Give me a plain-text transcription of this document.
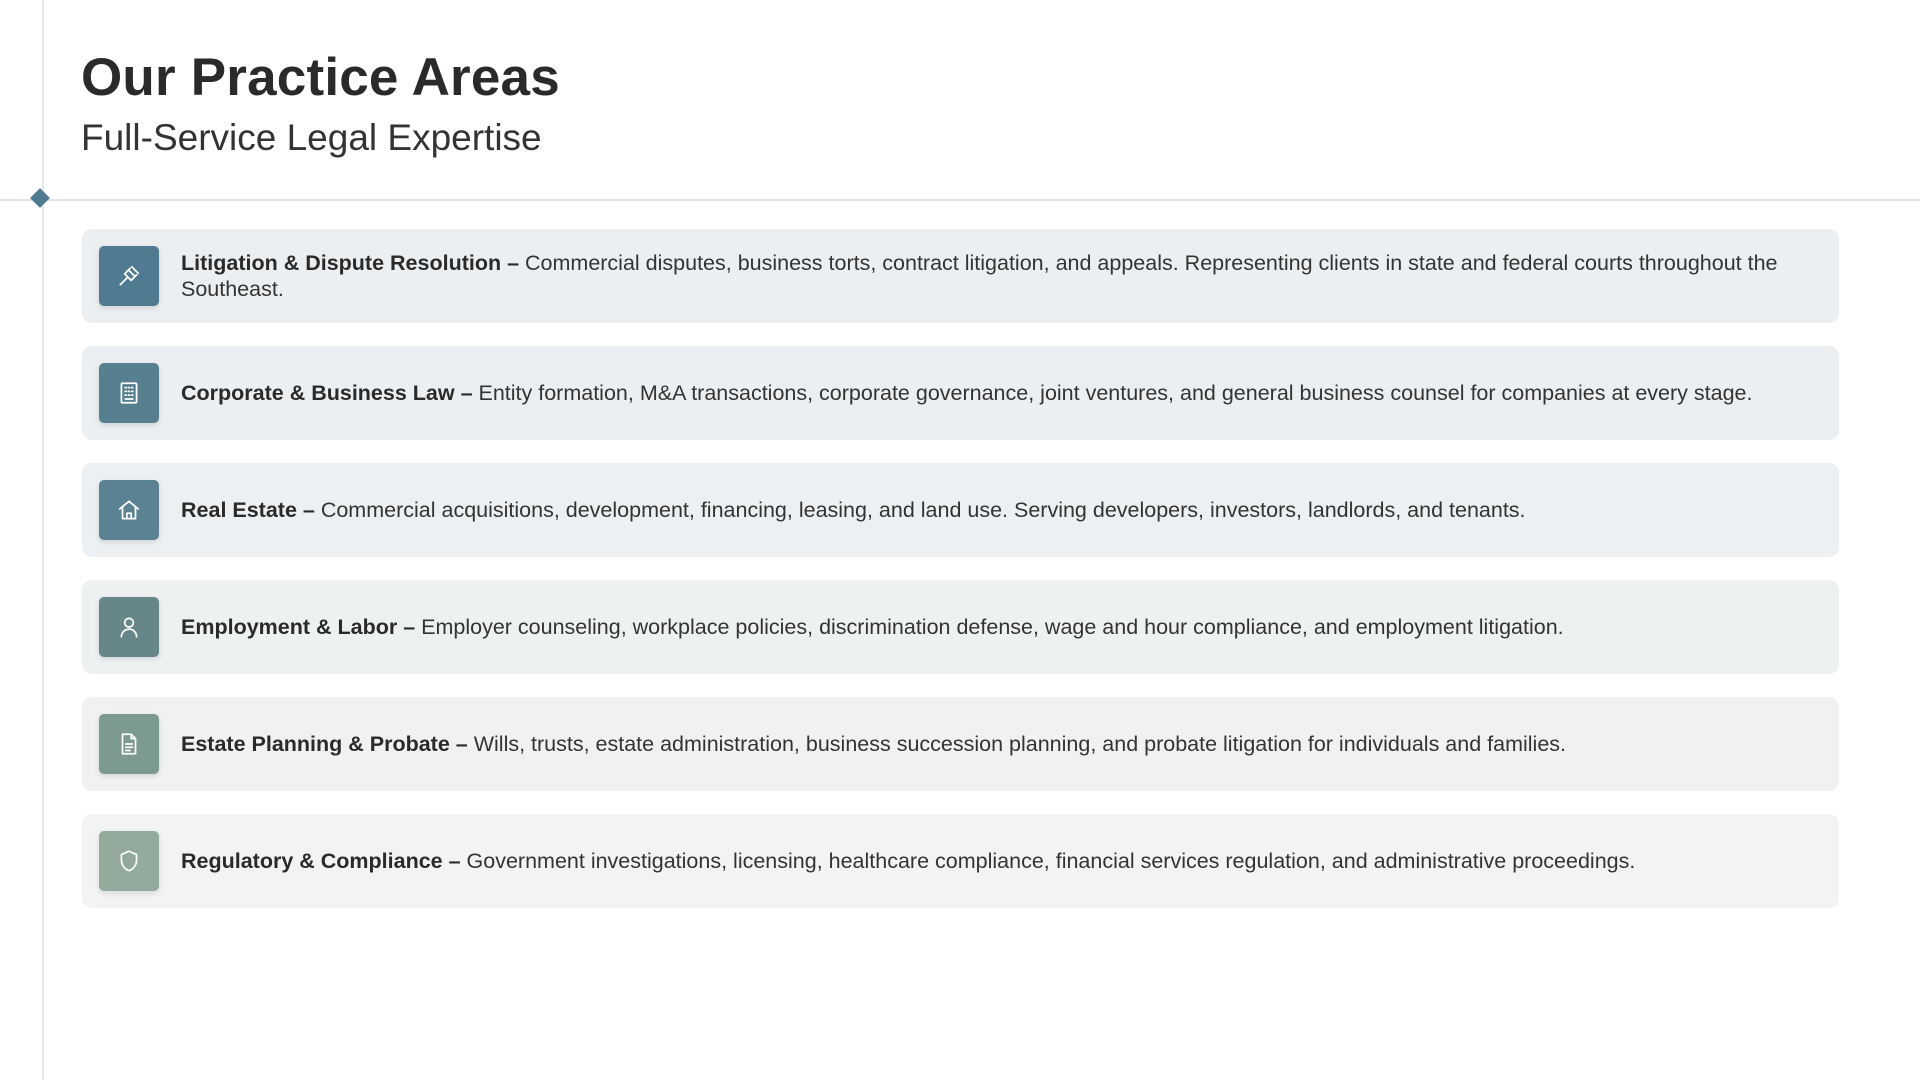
Our Practice Areas
Full-Service Legal Expertise
Litigation & Dispute Resolution – Commercial disputes, business torts, contract litigation, and appeals. Representing clients in state and federal courts throughout the Southeast.
Corporate & Business Law – Entity formation, M&A transactions, corporate governance, joint ventures, and general business counsel for companies at every stage.
Real Estate – Commercial acquisitions, development, financing, leasing, and land use. Serving developers, investors, landlords, and tenants.
Employment & Labor – Employer counseling, workplace policies, discrimination defense, wage and hour compliance, and employment litigation.
Estate Planning & Probate – Wills, trusts, estate administration, business succession planning, and probate litigation for individuals and families.
Regulatory & Compliance – Government investigations, licensing, healthcare compliance, financial services regulation, and administrative proceedings.
